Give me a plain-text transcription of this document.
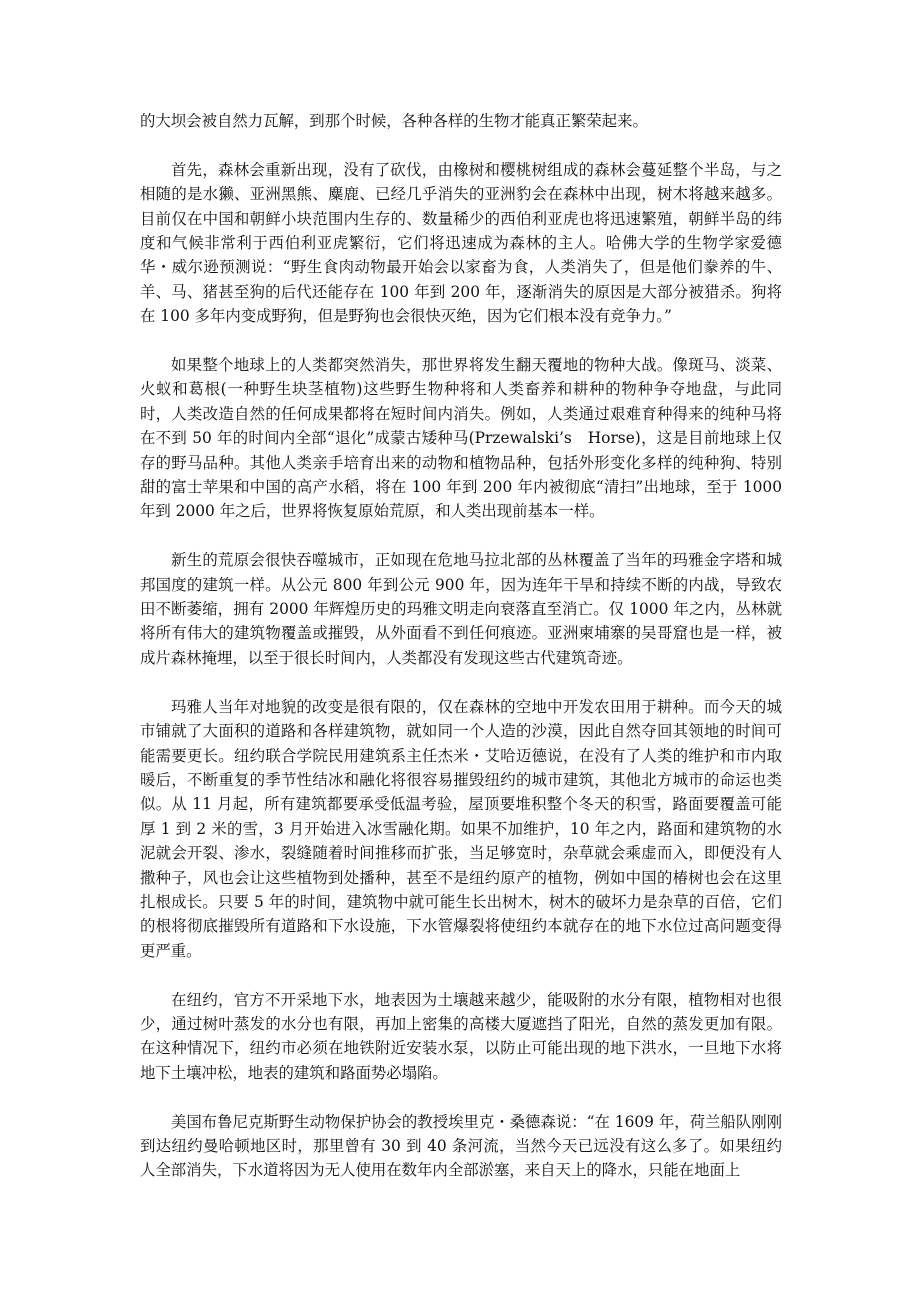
的大坝会被自然力瓦解，到那个时候，各种各样的生物才能真正繁荣起来。

首先，森林会重新出现，没有了砍伐，由橡树和樱桃树组成的森林会蔓延整个半岛，与之相随的是水獭、亚洲黑熊、麋鹿、已经几乎消失的亚洲豹会在森林中出现，树木将越来越多。目前仅在中国和朝鲜小块范围内生存的、数量稀少的西伯利亚虎也将迅速繁殖，朝鲜半岛的纬度和气候非常利于西伯利亚虎繁衍，它们将迅速成为森林的主人。哈佛大学的生物学家爱德华・威尔逊预测说：“野生食肉动物最开始会以家畜为食，人类消失了，但是他们豢养的牛、羊、马、猪甚至狗的后代还能存在 100 年到 200 年，逐渐消失的原因是大部分被猎杀。狗将在 100 多年内变成野狗，但是野狗也会很快灭绝，因为它们根本没有竞争力。”

如果整个地球上的人类都突然消失，那世界将发生翻天覆地的物种大战。像斑马、淡菜、火蚁和葛根(一种野生块茎植物)这些野生物种将和人类畜养和耕种的物种争夺地盘，与此同时，人类改造自然的任何成果都将在短时间内消失。例如，人类通过艰难育种得来的纯种马将在不到 50 年的时间内全部“退化”成蒙古矮种马(Przewalski’s　Horse)，这是目前地球上仅存的野马品种。其他人类亲手培育出来的动物和植物品种，包括外形变化多样的纯种狗、特别甜的富士苹果和中国的高产水稻，将在 100 年到 200 年内被彻底“清扫”出地球，至于 1000 年到 2000 年之后，世界将恢复原始荒原，和人类出现前基本一样。

新生的荒原会很快吞噬城市，正如现在危地马拉北部的丛林覆盖了当年的玛雅金字塔和城邦国度的建筑一样。从公元 800 年到公元 900 年，因为连年干旱和持续不断的内战，导致农田不断萎缩，拥有 2000 年辉煌历史的玛雅文明走向衰落直至消亡。仅 1000 年之内，丛林就将所有伟大的建筑物覆盖或摧毁，从外面看不到任何痕迹。亚洲柬埔寨的吴哥窟也是一样，被成片森林掩埋，以至于很长时间内，人类都没有发现这些古代建筑奇迹。

玛雅人当年对地貌的改变是很有限的，仅在森林的空地中开发农田用于耕种。而今天的城市铺就了大面积的道路和各样建筑物，就如同一个人造的沙漠，因此自然夺回其领地的时间可能需要更长。纽约联合学院民用建筑系主任杰米・艾哈迈德说，在没有了人类的维护和市内取暖后，不断重复的季节性结冰和融化将很容易摧毁纽约的城市建筑，其他北方城市的命运也类似。从 11 月起，所有建筑都要承受低温考验，屋顶要堆积整个冬天的积雪，路面要覆盖可能厚 1 到 2 米的雪，3 月开始进入冰雪融化期。如果不加维护，10 年之内，路面和建筑物的水泥就会开裂、渗水，裂缝随着时间推移而扩张，当足够宽时，杂草就会乘虚而入，即便没有人撒种子，风也会让这些植物到处播种，甚至不是纽约原产的植物，例如中国的椿树也会在这里扎根成长。只要 5 年的时间，建筑物中就可能生长出树木，树木的破坏力是杂草的百倍，它们的根将彻底摧毁所有道路和下水设施，下水管爆裂将使纽约本就存在的地下水位过高问题变得更严重。

在纽约，官方不开采地下水，地表因为土壤越来越少，能吸附的水分有限，植物相对也很少，通过树叶蒸发的水分也有限，再加上密集的高楼大厦遮挡了阳光，自然的蒸发更加有限。在这种情况下，纽约市必须在地铁附近安装水泵，以防止可能出现的地下洪水，一旦地下水将地下土壤冲松，地表的建筑和路面势必塌陷。

美国布鲁尼克斯野生动物保护协会的教授埃里克・桑德森说：“在 1609 年，荷兰船队刚刚到达纽约曼哈顿地区时，那里曾有 30 到 40 条河流，当然今天已远没有这么多了。如果纽约人全部消失，下水道将因为无人使用在数年内全部淤塞，来自天上的降水，只能在地面上
